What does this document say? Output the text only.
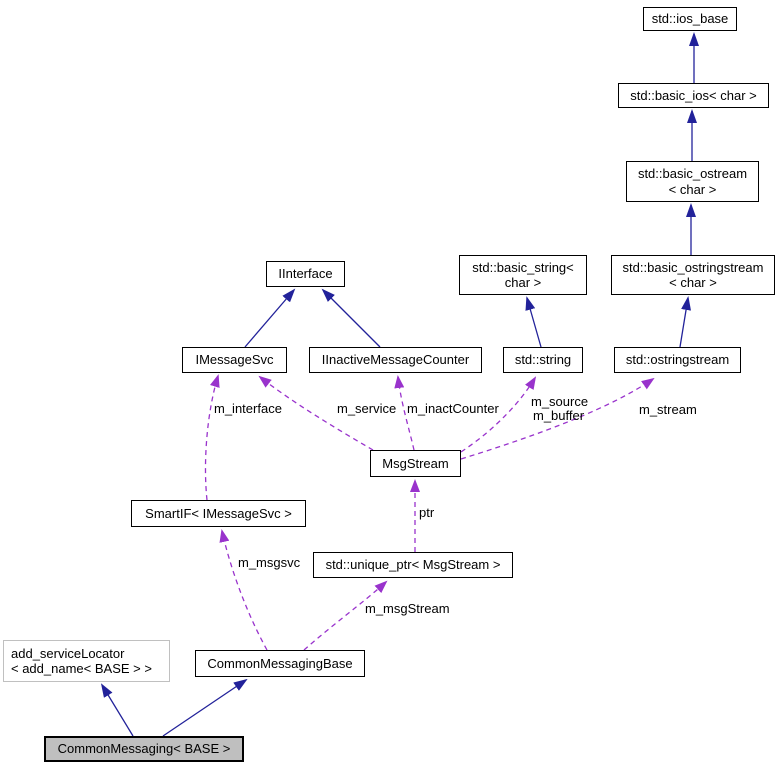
std::ios_base
std::basic_ios< char >
std::basic_ostream
< char >
std::basic_ostringstream
< char >
std::basic_string<
char >
IInterface
IMessageSvc	IInactiveMessageCounter	std::string	std::ostringstream
MsgStream
SmartIF< IMessageSvc >
std::unique_ptr< MsgStream >
add_serviceLocator
< add_name< BASE > >	CommonMessagingBase
CommonMessaging< BASE >
m_interface	m_service m_inactCounter m_source
m_buffer	m_stream
ptr
m_msgsvc
m_msgStream
